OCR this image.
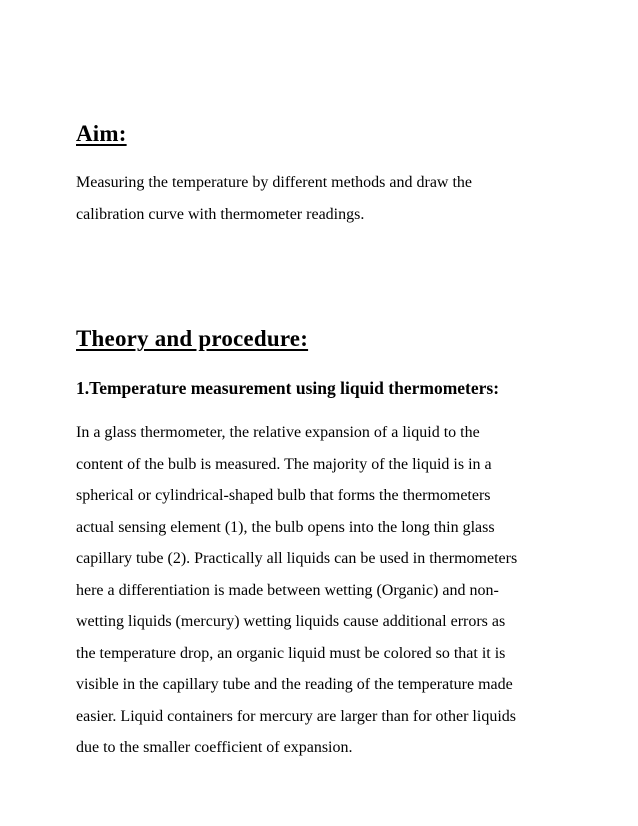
Aim:
Measuring the temperature by different methods and draw the
calibration curve with thermometer readings.
Theory and procedure:
1.Temperature measurement using liquid thermometers:
In a glass thermometer, the relative expansion of a liquid to the
content of the bulb is measured. The majority of the liquid is in a
spherical or cylindrical-shaped bulb that forms the thermometers
actual sensing element (1), the bulb opens into the long thin glass
capillary tube (2). Practically all liquids can be used in thermometers
here a differentiation is made between wetting (Organic) and non-
wetting liquids (mercury) wetting liquids cause additional errors as
the temperature drop, an organic liquid must be colored so that it is
visible in the capillary tube and the reading of the temperature made
easier. Liquid containers for mercury are larger than for other liquids
due to the smaller coefficient of expansion.
